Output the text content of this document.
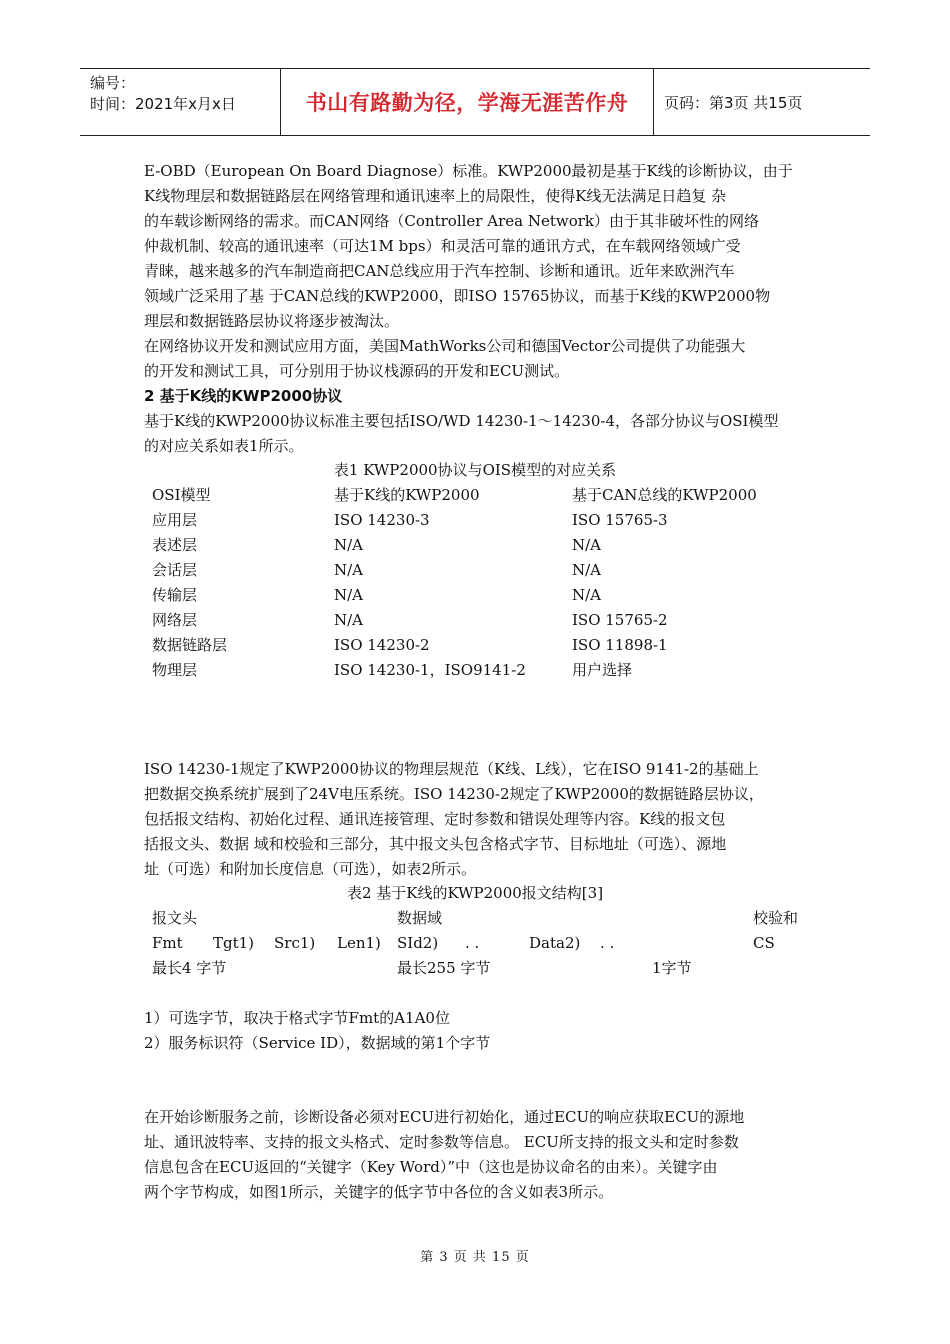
编号：
时间：2021年x月x日	书山有路勤为径，学海无涯苦作舟 页码：第3页 共15页

E-OBD（European On Board Diagnose）标准。KWP2000最初是基于K线的诊断协议，由于

K线物理层和数据链路层在网络管理和通讯速率上的局限性，使得K线无法满足日趋复 杂

的车载诊断网络的需求。而CAN网络（Controller Area Network）由于其非破坏性的网络

仲裁机制、较高的通讯速率（可达1M bps）和灵活可靠的通讯方式，在车载网络领域广受

青睐，越来越多的汽车制造商把CAN总线应用于汽车控制、诊断和通讯。近年来欧洲汽车

领域广泛采用了基 于CAN总线的KWP2000，即ISO 15765协议，而基于K线的KWP2000物

理层和数据链路层协议将逐步被淘汰。

在网络协议开发和测试应用方面，美国MathWorks公司和德国Vector公司提供了功能强大

的开发和测试工具，可分别用于协议栈源码的开发和ECU测试。

2 基于K线的KWP2000协议

基于K线的KWP2000协议标准主要包括ISO/WD 14230-1～14230-4，各部分协议与OSI模型

的对应关系如表1所示。

表1 KWP2000协议与OIS模型的对应关系
OSI模型	基于K线的KWP2000	基于CAN总线的KWP2000
应用层	ISO 14230-3	ISO 15765-3
表述层	N/A	N/A
会话层	N/A	N/A
传输层	N/A	N/A
网络层	N/A	ISO 15765-2
数据链路层	ISO 14230-2	ISO 11898-1
物理层	ISO 14230-1，ISO9141-2	用户选择

ISO 14230-1规定了KWP2000协议的物理层规范（K线、L线），它在ISO 9141-2的基础上

把数据交换系统扩展到了24V电压系统。ISO 14230-2规定了KWP2000的数据链路层协议，

包括报文结构、初始化过程、通讯连接管理、定时参数和错误处理等内容。K线的报文包

括报文头、数据 域和校验和三部分，其中报文头包含格式字节、目标地址（可选）、源地

址（可选）和附加长度信息（可选），如表2所示。

表2 基于K线的KWP2000报文结构[3]
报文头	数据域	校验和
Fmt Tgt1) Src1) Len1) SId2) . .	Data2) . .	CS
最长4 字节	最长255 字节	1字节

1）可选字节，取决于格式字节Fmt的A1A0位

2）服务标识符（Service ID），数据域的第1个字节

在开始诊断服务之前，诊断设备必须对ECU进行初始化，通过ECU的响应获取ECU的源地

址、通讯波特率、支持的报文头格式、定时参数等信息。 ECU所支持的报文头和定时参数

信息包含在ECU返回的“关键字（Key Word）”中（这也是协议命名的由来）。关键字由

两个字节构成，如图1所示，关键字的低字节中各位的含义如表3所示。

第 3 页 共 15 页
